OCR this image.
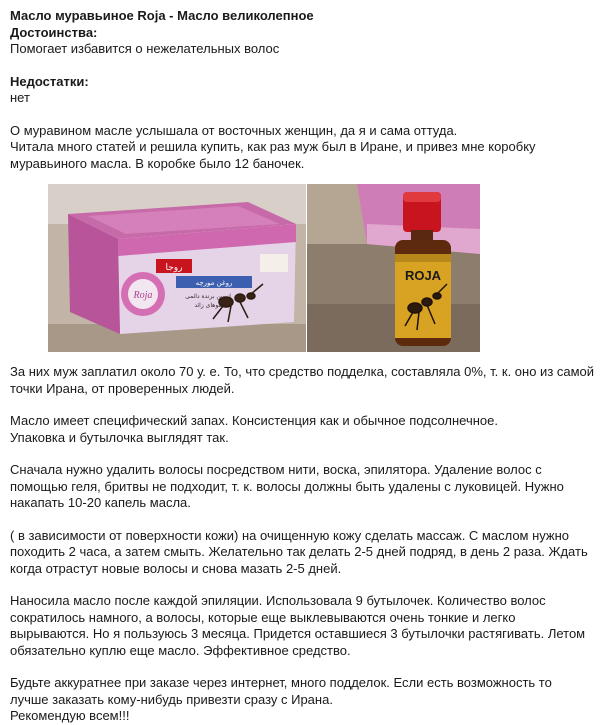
Масло муравьиное Roja - Масло великолепное

Достоинства:

Помогает избавится о нежелательных волос

Недостатки:

нет

О муравином масле услышала от восточных женщин, да я и сама оттуда.

Читала много статей и решила купить, как раз муж был в Иране, и привез мне коробку

муравьиного масла. В коробке было 12 баночек.

Roja
روجا
روغن مورچه
از بین برنده دائمی
موهای زائد
ROJA

За них муж заплатил около 70 у. е. То, что средство подделка, составляла 0%, т. к. оно из самой

точки Ирана, от проверенных людей.

Масло имеет специфический запах. Консистенция как и обычное подсолнечное.

Упаковка и бутылочка выглядят так.

Сначала нужно удалить волосы посредством нити, воска, эпилятора. Удаление волос с

помощью геля, бритвы не подходит, т. к. волосы должны быть удалены с луковицей. Нужно

накапать 10-20 капель масла.

( в зависимости от поверхности кожи) на очищенную кожу сделать массаж. С маслом нужно

походить 2 часа, а затем смыть. Желательно так делать 2-5 дней подряд, в день 2 раза. Ждать

когда отрастут новые волосы и снова мазать 2-5 дней.

Наносила масло после каждой эпиляции. Использовала 9 бутылочек. Количество волос

сократилось намного, а волосы, которые еще выклевываются очень тонкие и легко

вырываются. Но я пользуюсь 3 месяца. Придется оставшиеся 3 бутылочки растягивать. Летом

обязательно куплю еще масло. Эффективное средство.

Будьте аккуратнее при заказе через интернет, много подделок. Если есть возможность то

лучше заказать кому-нибудь привезти сразу с Ирана.

Рекомендую всем!!!
